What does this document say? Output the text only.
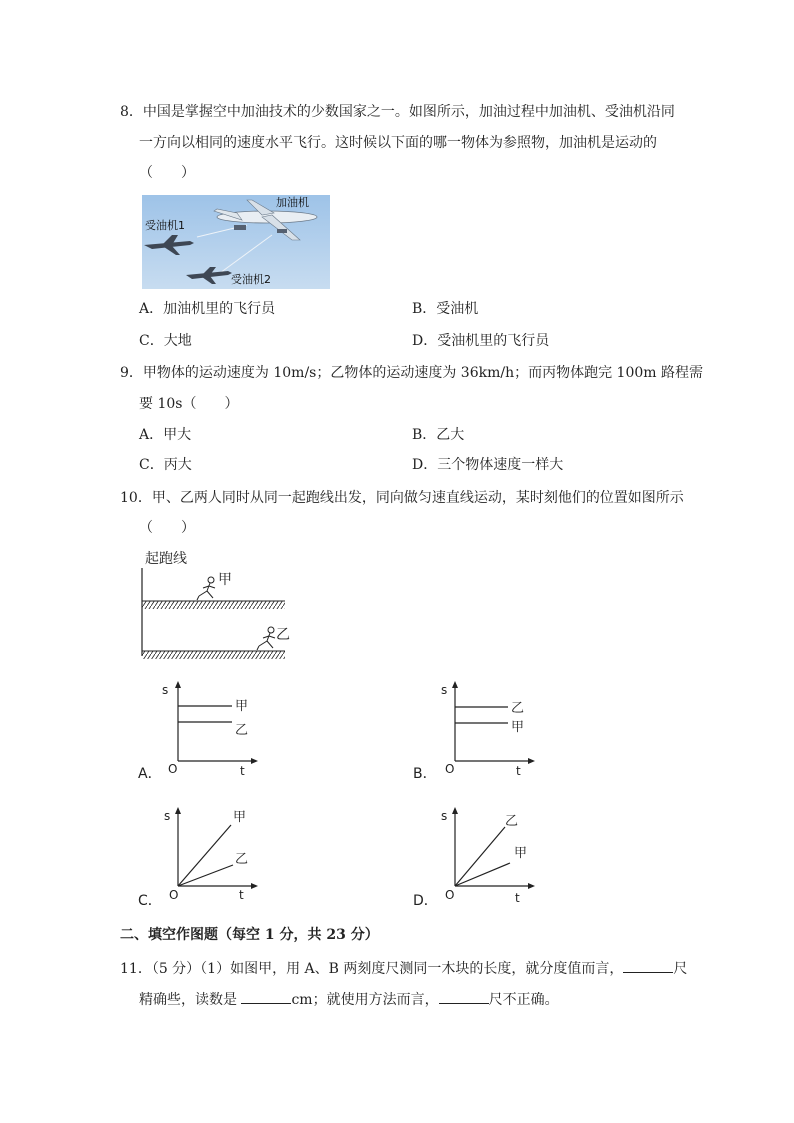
8．中国是掌握空中加油技术的少数国家之一。如图所示，加油过程中加油机、受油机沿同
一方向以相同的速度水平飞行。这时候以下面的哪一物体为参照物，加油机是运动的
（　　）
加油机
受油机1
受油机2
A．加油机里的飞行员	B．受油机
C．大地	D．受油机里的飞行员
9．甲物体的运动速度为 10m/s；乙物体的运动速度为 36km/h；而丙物体跑完 100m 路程需
要 10s（　　）
A．甲大	B．乙大
C．丙大	D．三个物体速度一样大
10．甲、乙两人同时从同一起跑线出发，同向做匀速直线运动，某时刻他们的位置如图所示
（　　）
起跑线
甲
乙
A．
s
O	t
甲
乙
B．
s
O	t
乙
甲
C．
s
O	t
甲
乙
D．
s
O	t
乙
甲
二、填空作图题（每空 1 分，共 23 分）
11．（5 分）（1）如图甲，用 A、B 两刻度尺测同一木块的长度，就分度值而言，	尺
精确些，读数是	cm；就使用方法而言，	尺不正确。
